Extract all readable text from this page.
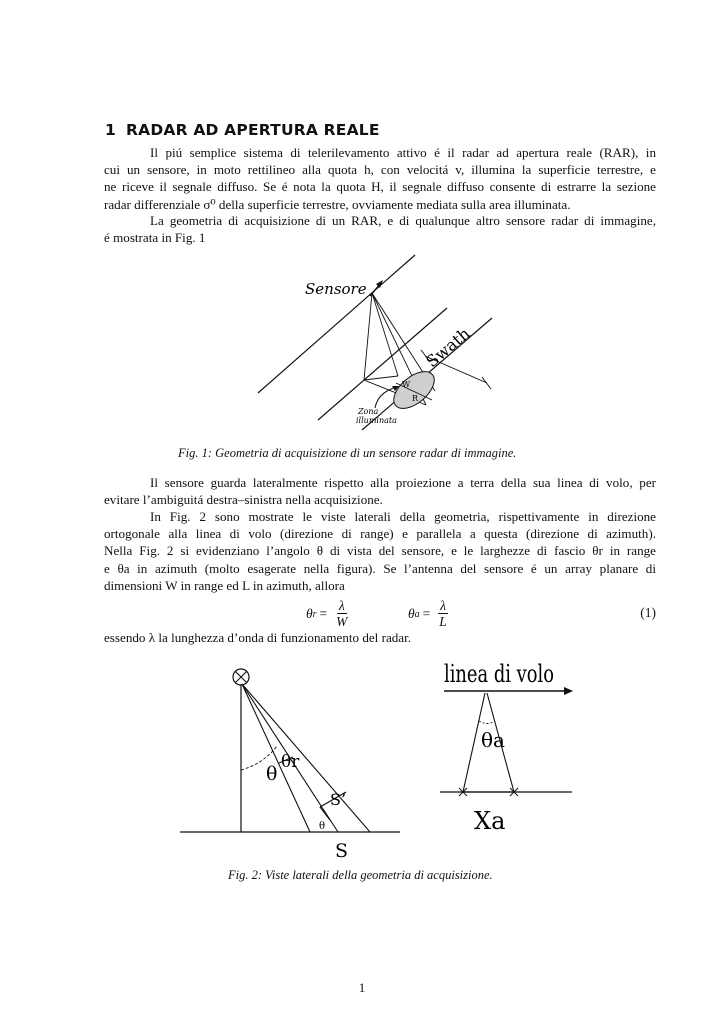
1 RADAR AD APERTURA REALE
Il piú semplice sistema di telerilevamento attivo é il radar ad apertura reale (RAR), in
cui un sensore, in moto rettilineo alla quota h, con velocitá v, illumina la superficie terrestre, e
ne riceve il segnale diffuso. Se é nota la quota H, il segnale diffuso consente di estrarre la sezione
radar differenziale σ⁰ della superficie terrestre, ovviamente mediata sulla area illuminata.
La geometria di acquisizione di un RAR, e di qualunque altro sensore radar di immagine,
é mostrata in Fig. 1
Sensore
Swath
W
R
Zona
illuminata
Fig. 1: Geometria di acquisizione di un sensore radar di immagine.
Il sensore guarda lateralmente rispetto alla proiezione a terra della sua linea di volo, per
evitare l’ambiguitá destra–sinistra nella acquisizione.
In Fig. 2 sono mostrate le viste laterali della geometria, rispettivamente in direzione
ortogonale alla linea di volo (direzione di range) e parallela a questa (direzione di azimuth).
Nella Fig. 2 si evidenziano l’angolo θ di vista del sensore, e le larghezze di fascio θr in range
e θa in azimuth (molto esagerate nella figura). Se l’antenna del sensore é un array planare di
dimensioni W in range ed L in azimuth, allora
θ $r = \frac{\lambda}{W}$	θ $a = \frac{\lambda}{L}$	(1)
essendo λ la lunghezza d’onda di funzionamento del radar.
θ
θr
S’
θ
S
linea di volo
θa
Xa
Fig. 2: Viste laterali della geometria di acquisizione.
1
